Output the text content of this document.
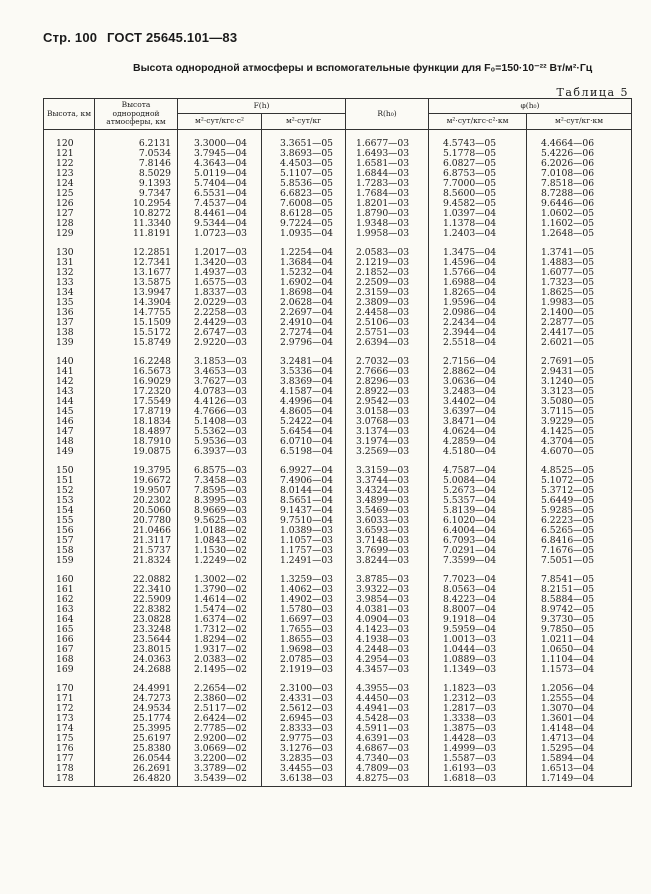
Стр. 100 ГОСТ 25645.101—83
Высота однородной атмосферы и вспомогательные функции для F₀=150·10⁻²² Вт/м²·Гц
Таблица 5
Высота, км	Высота однородной атмосферы, км	F(h)		R(h₀)	φ(h₀)	
		м²·сут/кгс·с²	м²·сут/кг		м²·сут/кгс·с²·км	м²·сут/кг·км

120	6.2131	3.3000—04	3.3651—05	1.6677—03	4.5743—05	4.4664—06
121	7.0534	3.7945—04	3.8693—05	1.6493—03	5.1778—05	5.4226—06
122	7.8146	4.3643—04	4.4503—05	1.6581—03	6.0827—05	6.2026—06
123	8.5029	5.0119—04	5.1107—05	1.6844—03	6.8753—05	7.0108—06
124	9.1393	5.7404—04	5.8536—05	1.7283—03	7.7000—05	7.8518—06
125	9.7347	6.5531—04	6.6823—05	1.7684—03	8.5600—05	8.7288—06
126	10.2954	7.4537—04	7.6008—05	1.8201—03	9.4582—05	9.6446—06
127	10.8272	8.4461—04	8.6128—05	1.8790—03	1.0397—04	1.0602—05
128	11.3340	9.5344—04	9.7224—05	1.9348—03	1.1378—04	1.1602—05
129	11.8191	1.0723—03	1.0935—04	1.9958—03	1.2403—04	1.2648—05

130	12.2851	1.2017—03	1.2254—04	2.0583—03	1.3475—04	1.3741—05
131	12.7341	1.3420—03	1.3684—04	2.1219—03	1.4596—04	1.4883—05
132	13.1677	1.4937—03	1.5232—04	2.1852—03	1.5766—04	1.6077—05
133	13.5875	1.6575—03	1.6902—04	2.2509—03	1.6988—04	1.7323—05
134	13.9947	1.8337—03	1.8698—04	2.3159—03	1.8265—04	1.8625—05
135	14.3904	2.0229—03	2.0628—04	2.3809—03	1.9596—04	1.9983—05
136	14.7755	2.2258—03	2.2697—04	2.4458—03	2.0986—04	2.1400—05
137	15.1509	2.4429—03	2.4910—04	2.5106—03	2.2434—04	2.2877—05
138	15.5172	2.6747—03	2.7274—04	2.5751—03	2.3944—04	2.4417—05
139	15.8749	2.9220—03	2.9796—04	2.6394—03	2.5518—04	2.6021—05

140	16.2248	3.1853—03	3.2481—04	2.7032—03	2.7156—04	2.7691—05
141	16.5673	3.4653—03	3.5336—04	2.7666—03	2.8862—04	2.9431—05
142	16.9029	3.7627—03	3.8369—04	2.8296—03	3.0636—04	3.1240—05
143	17.2320	4.0783—03	4.1587—04	2.8922—03	3.2483—04	3.3123—05
144	17.5549	4.4126—03	4.4996—04	2.9542—03	3.4402—04	3.5080—05
145	17.8719	4.7666—03	4.8605—04	3.0158—03	3.6397—04	3.7115—05
146	18.1834	5.1408—03	5.2422—04	3.0768—03	3.8471—04	3.9229—05
147	18.4897	5.5362—03	5.6454—04	3.1374—03	4.0624—04	4.1425—05
148	18.7910	5.9536—03	6.0710—04	3.1974—03	4.2859—04	4.3704—05
149	19.0875	6.3937—03	6.5198—04	3.2569—03	4.5180—04	4.6070—05

150	19.3795	6.8575—03	6.9927—04	3.3159—03	4.7587—04	4.8525—05
151	19.6672	7.3458—03	7.4906—04	3.3744—03	5.0084—04	5.1072—05
152	19.9507	7.8595—03	8.0144—04	3.4324—03	5.2673—04	5.3712—05
153	20.2302	8.3995—03	8.5651—04	3.4899—03	5.5357—04	5.6449—05
154	20.5060	8.9669—03	9.1437—04	3.5469—03	5.8139—04	5.9285—05
155	20.7780	9.5625—03	9.7510—04	3.6033—03	6.1020—04	6.2223—05
156	21.0466	1.0188—02	1.0389—03	3.6593—03	6.4004—04	6.5265—05
157	21.3117	1.0843—02	1.1057—03	3.7148—03	6.7093—04	6.8416—05
158	21.5737	1.1530—02	1.1757—03	3.7699—03	7.0291—04	7.1676—05
159	21.8324	1.2249—02	1.2491—03	3.8244—03	7.3599—04	7.5051—05

160	22.0882	1.3002—02	1.3259—03	3.8785—03	7.7023—04	7.8541—05
161	22.3410	1.3790—02	1.4062—03	3.9322—03	8.0563—04	8.2151—05
162	22.5909	1.4614—02	1.4902—03	3.9854—03	8.4223—04	8.5884—05
163	22.8382	1.5474—02	1.5780—03	4.0381—03	8.8007—04	8.9742—05
164	23.0828	1.6374—02	1.6697—03	4.0904—03	9.1918—04	9.3730—05
165	23.3248	1.7312—02	1.7655—03	4.1423—03	9.5959—04	9.7850—05
166	23.5644	1.8294—02	1.8655—03	4.1938—03	1.0013—03	1.0211—04
167	23.8015	1.9317—02	1.9698—03	4.2448—03	1.0444—03	1.0650—04
168	24.0363	2.0383—02	2.0785—03	4.2954—03	1.0889—03	1.1104—04
169	24.2688	2.1495—02	2.1919—03	4.3457—03	1.1349—03	1.1573—04

170	24.4991	2.2654—02	2.3100—03	4.3955—03	1.1823—03	1.2056—04
171	24.7273	2.3860—02	2.4331—03	4.4450—03	1.2312—03	1.2555—04
172	24.9534	2.5117—02	2.5612—03	4.4941—03	1.2817—03	1.3070—04
173	25.1774	2.6424—02	2.6945—03	4.5428—03	1.3338—03	1.3601—04
174	25.3995	2.7785—02	2.8333—03	4.5911—03	1.3875—03	1.4148—04
175	25.6197	2.9200—02	2.9775—03	4.6391—03	1.4428—03	1.4713—04
176	25.8380	3.0669—02	3.1276—03	4.6867—03	1.4999—03	1.5295—04
177	26.0544	3.2200—02	3.2835—03	4.7340—03	1.5587—03	1.5894—04
178	26.2691	3.3789—02	3.4455—03	4.7809—03	1.6193—03	1.6513—04
178	26.4820	3.5439—02	3.6138—03	4.8275—03	1.6818—03	1.7149—04
